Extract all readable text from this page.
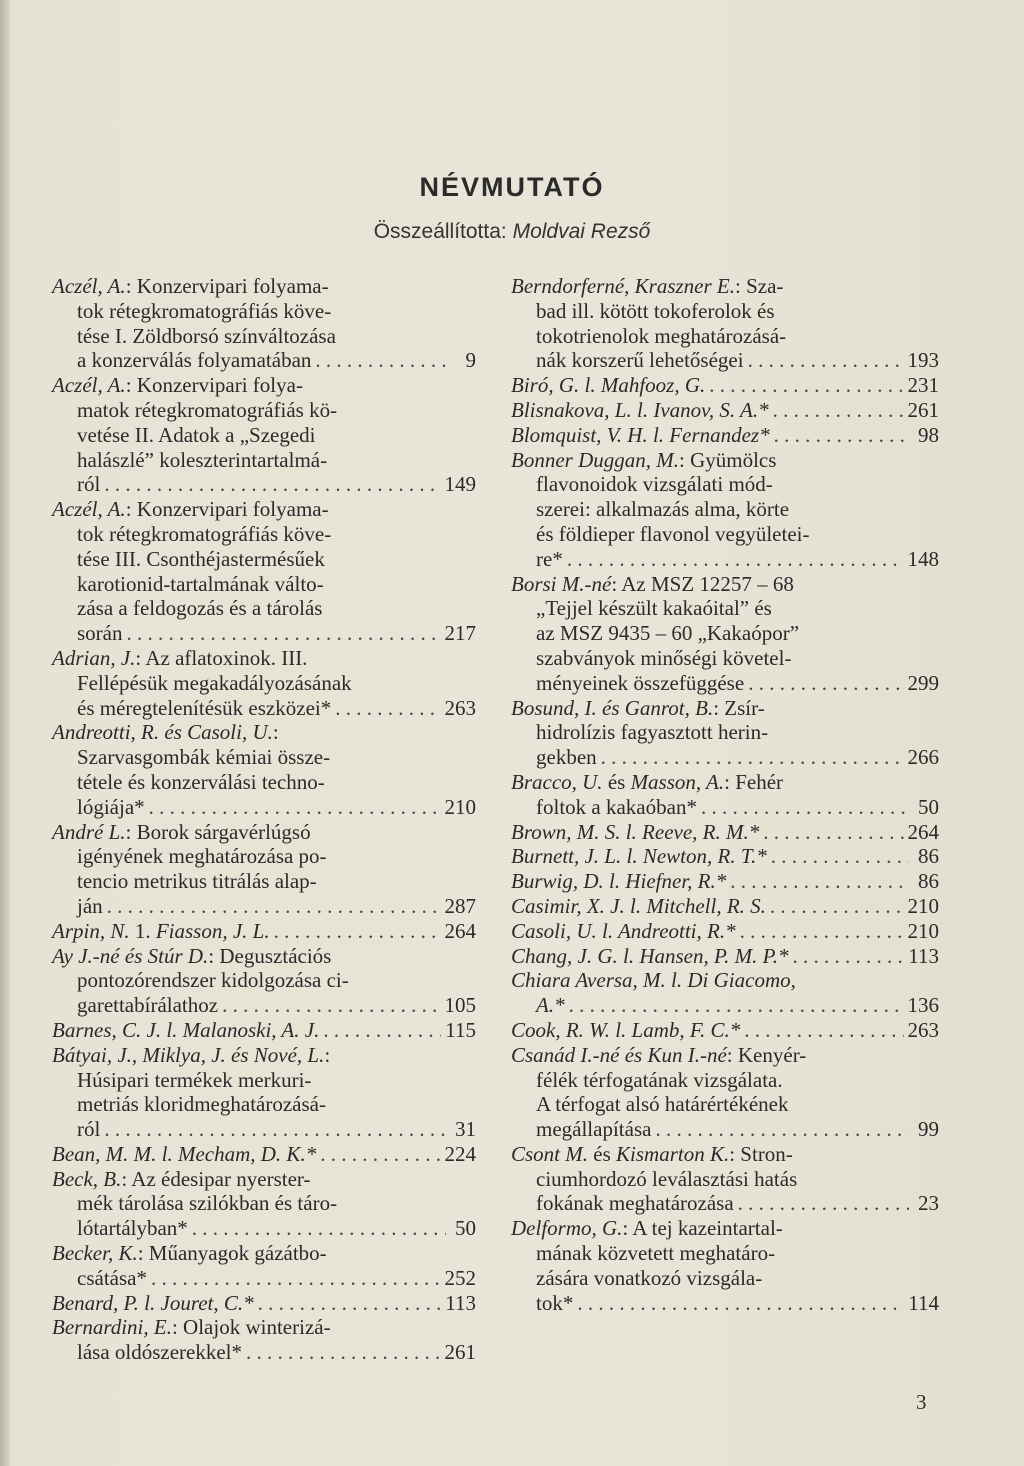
NÉVMUTATÓ
Összeállította: Moldvai Rezső
Aczél, A.: Konzervipari folyama-
tok rétegkromatográfiás köve-
tése I. Zöldborsó színváltozása
a konzerválás folyamatában . . .	9
Aczél, A.: Konzervipari folya-
matok rétegkromatográfiás kö-
vetése II. Adatok a „Szegedi
halászlé” koleszterintartalmá-
ról . . .	149
Aczél, A.: Konzervipari folyama-
tok rétegkromatográfiás köve-
tése III. Csonthéjastermésűek
karotionid-tartalmának válto-
zása a feldogozás és a tárolás
során . . .	217
Adrian, J.: Az aflatoxinok. III.
Fellépésük megakadályozásának
és méregtelenítésük eszközei* . . .	263
Andreotti, R. és Casoli, U.:
Szarvasgombák kémiai össze-
tétele és konzerválási techno-
lógiája* . . .	210
André L.: Borok sárgavérlúgsó
igényének meghatározása po-
tencio metrikus titrálás alap-
ján . . .	287
Arpin, N. 1. Fiasson, J. L. . . .	264
Ay J.-né és Stúr D.: Degusztációs
pontozórendszer kidolgozása ci-
garettabírálathoz . . .	105
Barnes, C. J. l. Malanoski, A. J. . . .	115
Bátyai, J., Miklya, J. és Nové, L.:
Húsipari termékek merkuri-
metriás kloridmeghatározásá-
ról . . .	31
Bean, M. M. l. Mecham, D. K.* . . .	224
Beck, B.: Az édesipar nyerster-
mék tárolása szilókban és táro-
lótartályban* . . .	50
Becker, K.: Műanyagok gázátbo-
csátása* . . .	252
Benard, P. l. Jouret, C.* . . .	113
Bernardini, E.: Olajok winterizá-
lása oldószerekkel* . . .	261
Berndorferné, Kraszner E.: Sza-
bad ill. kötött tokoferolok és
tokotrienolok meghatározásá-
nák korszerű lehetőségei . . .	193
Biró, G. l. Mahfooz, G. . . .	231
Blisnakova, L. l. Ivanov, S. A.* . . .	261
Blomquist, V. H. l. Fernandez* . . .	98
Bonner Duggan, M.: Gyümölcs
flavonoidok vizsgálati mód-
szerei: alkalmazás alma, körte
és földieper flavonol vegyületei-
re* . . .	148
Borsi M.-né: Az MSZ 12257 – 68
„Tejjel készült kakaóital” és
az MSZ 9435 – 60 „Kakaópor”
szabványok minőségi követel-
ményeinek összefüggése . . .	299
Bosund, I. és Ganrot, B.: Zsír-
hidrolízis fagyasztott herin-
gekben . . .	266
Bracco, U. és Masson, A.: Fehér
foltok a kakaóban* . . .	50
Brown, M. S. l. Reeve, R. M.* . . .	264
Burnett, J. L. l. Newton, R. T.* . . .	86
Burwig, D. l. Hiefner, R.* . . .	86
Casimir, X. J. l. Mitchell, R. S. . . .	210
Casoli, U. l. Andreotti, R.* . . .	210
Chang, J. G. l. Hansen, P. M. P.* . . .	113
Chiara Aversa, M. l. Di Giacomo,
A.* . . .	136
Cook, R. W. l. Lamb, F. C.* . . .	263
Csanád I.-né és Kun I.-né: Kenyér-
félék térfogatának vizsgálata.
A térfogat alsó határértékének
megállapítása . . .	99
Csont M. és Kismarton K.: Stron-
ciumhordozó leválasztási hatás
fokának meghatározása . . .	23
Delformo, G.: A tej kazeintartal-
mának közvetett meghatáro-
zására vonatkozó vizsgála-
tok* . . .	114
3
